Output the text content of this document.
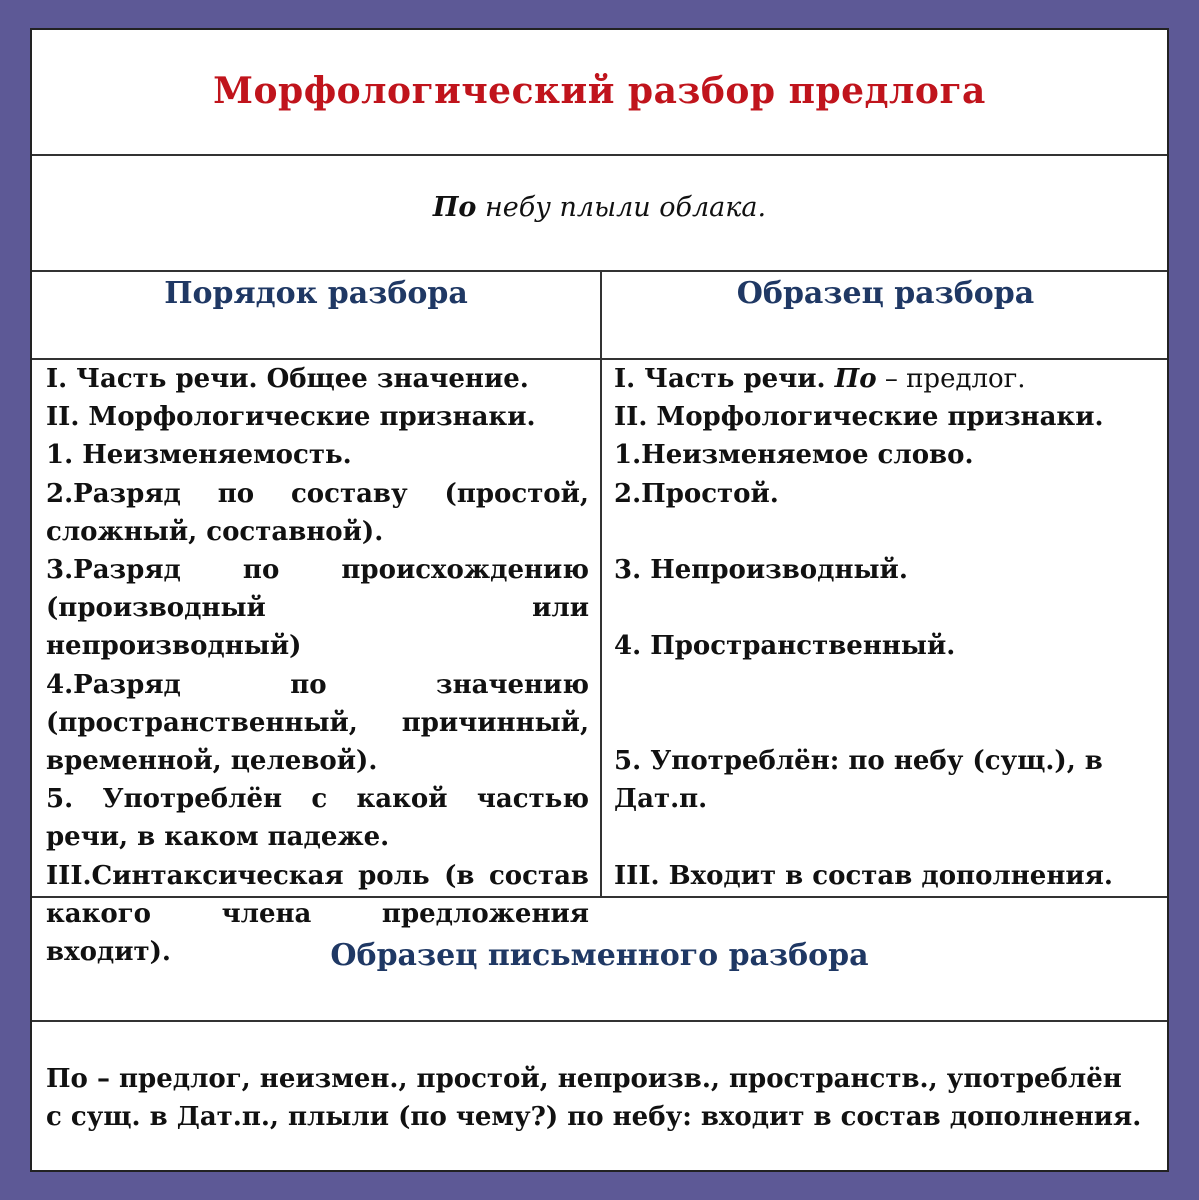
Морфологический разбор предлога
По небу плыли облака.
Порядок разбора	Образец разбора

I. Часть речи. Общее значение.

II. Морфологические признаки.

1. Неизменяемость.

2.Разряд по составу (простой, сложный, составной).

3.Разряд по происхождению (производный или непроизводный)

4.Разряд по значению (пространственный, причинный, временной, целевой).

5. Употреблён с какой частью речи, в каком падеже.

III.Синтаксическая роль (в состав какого члена предложения входит).

I. Часть речи. По – предлог.

II. Морфологические признаки.

1.Неизменяемое слово.

2.Простой.

3. Непроизводный.

4. Пространственный.

5. Употреблён: по небу (сущ.), в Дат.п.

III. Входит в состав дополнения.

Образец письменного разбора
По – предлог, неизмен., простой, непроизв., пространств., употреблён с сущ. в Дат.п., плыли (по чему?) по небу: входит в состав дополнения.
